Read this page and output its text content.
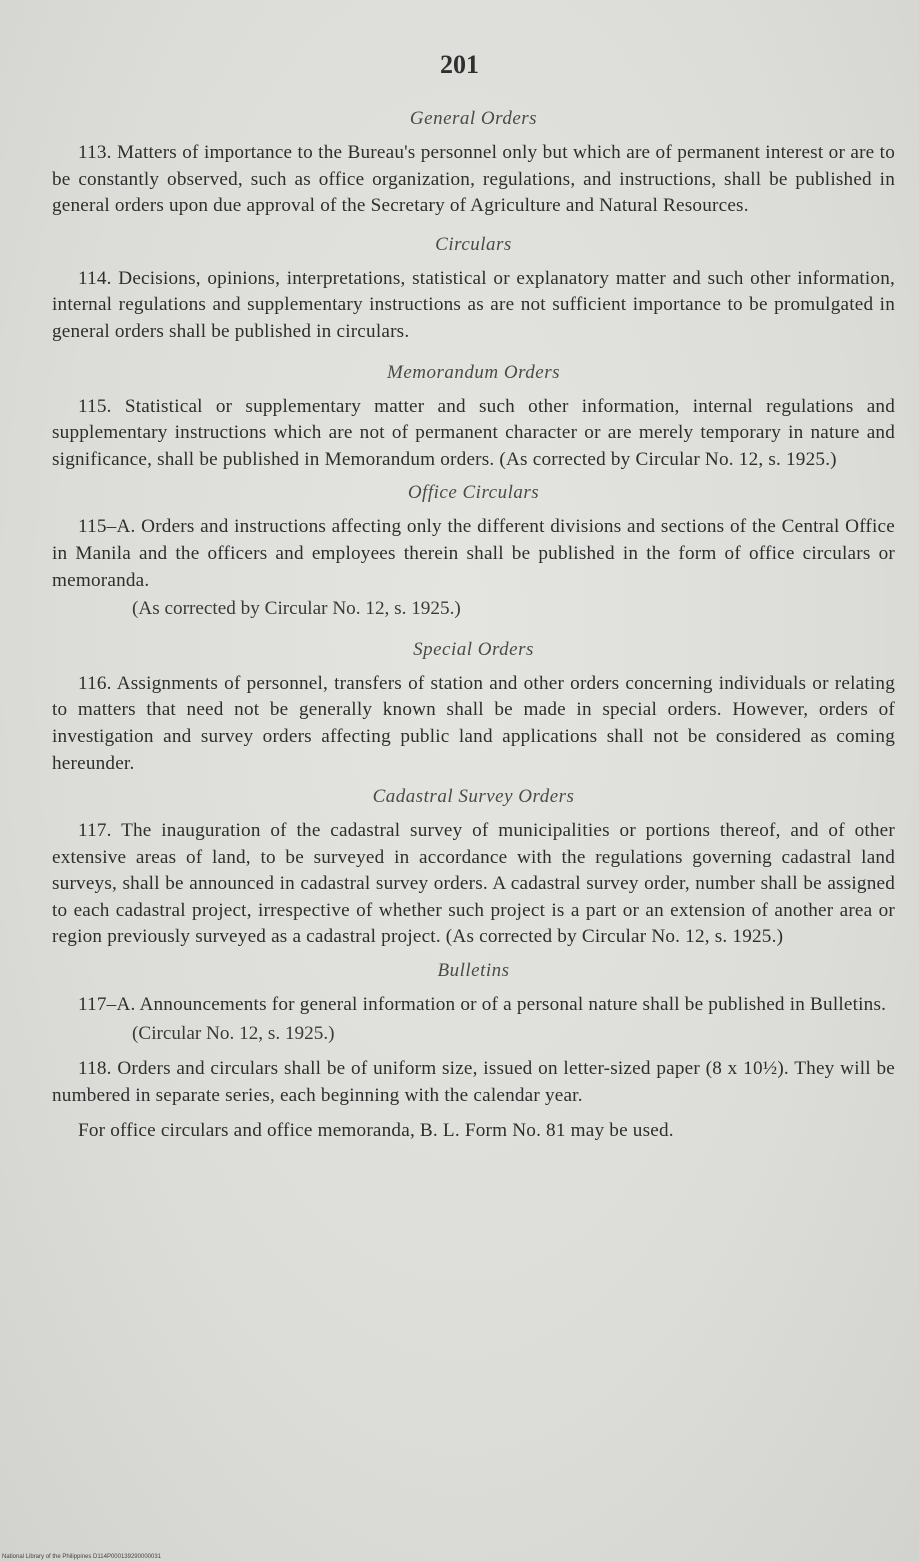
201
General Orders

113. Matters of importance to the Bureau's personnel only but which are of permanent interest or are to be constantly observed, such as office organization, regulations, and instructions, shall be published in general orders upon due approval of the Secretary of Agriculture and Natural Resources.

Circulars

114. Decisions, opinions, interpretations, statistical or explanatory matter and such other information, internal regulations and supplementary instructions as are not sufficient importance to be promulgated in general orders shall be published in circulars.

Memorandum Orders

115. Statistical or supplementary matter and such other information, internal regulations and supplementary instructions which are not of permanent character or are merely temporary in nature and significance, shall be published in Memorandum orders. (As corrected by Circular No. 12, s. 1925.)

Office Circulars

115–A. Orders and instructions affecting only the different divisions and sections of the Central Office in Manila and the officers and employees therein shall be published in the form of office circulars or memoranda.

(As corrected by Circular No. 12, s. 1925.)
Special Orders

116. Assignments of personnel, transfers of station and other orders concerning individuals or relating to matters that need not be generally known shall be made in special orders. However, orders of investigation and survey orders affecting public land applications shall not be considered as coming hereunder.

Cadastral Survey Orders

117. The inauguration of the cadastral survey of municipalities or portions thereof, and of other extensive areas of land, to be surveyed in accordance with the regulations governing cadastral land surveys, shall be announced in cadastral survey orders. A cadastral survey order, number shall be assigned to each cadastral project, irrespective of whether such project is a part or an extension of another area or region previously surveyed as a cadastral project. (As corrected by Circular No. 12, s. 1925.)

Bulletins

117–A. Announcements for general information or of a personal nature shall be published in Bulletins.

(Circular No. 12, s. 1925.)

118. Orders and circulars shall be of uniform size, issued on letter-sized paper (8 x 10½). They will be numbered in separate series, each beginning with the calendar year.

For office circulars and office memoranda, B. L. Form No. 81 may be used.

National Library of the Philippines D114P000139290000031
